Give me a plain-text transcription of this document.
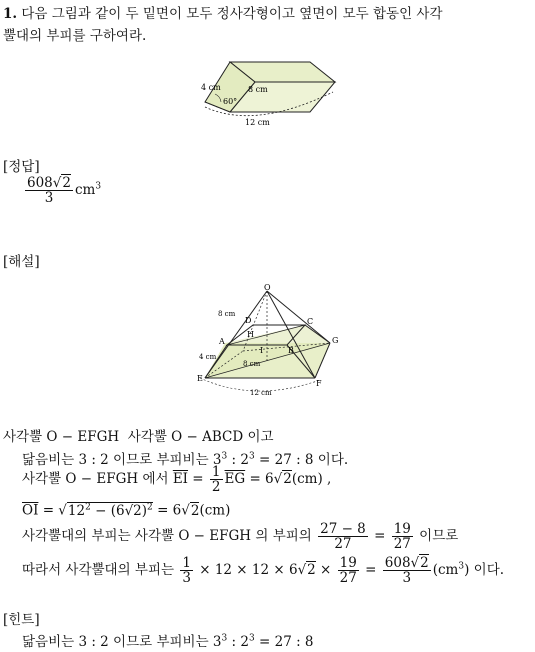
1. 다음 그림과 같이 두 밑면이 모두 정사각형이고 옆면이 모두 합동인 사각
뿔대의 부피를 구하여라.
4 cm	8 cm
60°
12 cm
[정답]
$\frac{608√2}{3} cm^3$
[해설]
O
A
B
C
D
E
F
G
H
I
8 cm
4 cm
8 cm
12 cm
사각뿔 O − EFGH 사각뿔 O − ABCD 이고
닮음비는 3 : 2 이므로 부피비는 $3^3$ : $2^3 = 27$ : 8 이다.
사각뿔 O − EFGH 에서 $\overline{EI} = \frac{1}{2} \overline{EG} = 6√2(cm)$ ,
$\overline{OI} = √12^2 - (6√2)^2 = 6√2(cm)$
사각뿔대의 부피는 사각뿔 O − EFGH 의 부피의 $\frac{27 - 8}{27} = \frac{19}{27}$ 이므로
따라서 사각뿔대의 부피는 $\frac{1}{3} \times 12 \times 12 \times 6√2 \times \frac{19}{27} = \frac{608√2}{3} (cm^3)$ 이다.
[힌트]
닮음비는 3 : 2 이므로 부피비는 $3^3$ : $2^3 = 27$ : 8
